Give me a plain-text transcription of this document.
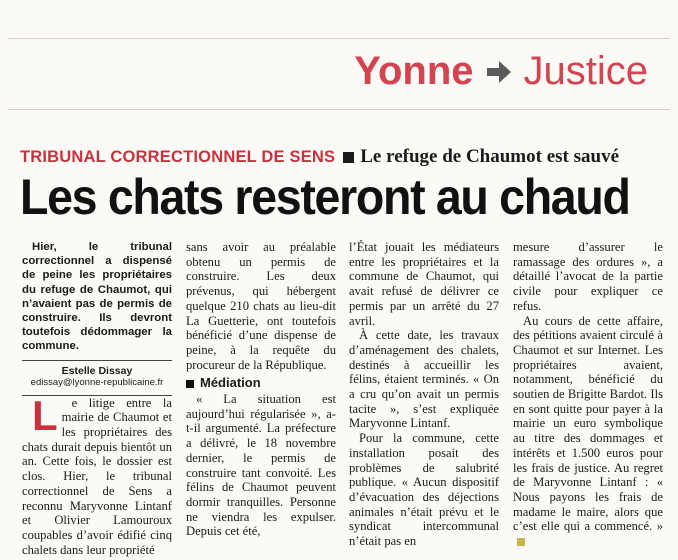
Yonne Justice
TRIBUNAL CORRECTIONNEL DE SENS Le refuge de Chaumot est sauvé
Les chats resteront au chaud

Hier, le tribunal correctionnel a dispensé de peine les propriétaires du refuge de Chaumot, qui n’avaient pas de permis de construire. Ils devront toutefois dédommager la commune.

Estelle Dissay
edissay@lyonne-republicaine.fr

L e litige entre la mairie de Chaumot et les propriétaires des chats durait depuis bientôt un an. Cette fois, le dossier est clos. Hier, le tribunal correctionnel de Sens a reconnu Maryvonne Lintanf et Olivier Lamouroux coupables d’avoir édifié cinq chalets dans leur propriété

sans avoir au préalable obtenu un permis de construire. Les deux prévenus, qui hébergent quelque 210 chats au lieu-dit La Guetterie, ont toutefois bénéficié d’une dispense de peine, à la requête du procureur de la République.

Médiation

« La situation est aujourd’hui régularisée », a-t-il argumenté. La préfecture a délivré, le 18 novembre dernier, le permis de construire tant convoité. Les félins de Chaumot peuvent dormir tranquilles. Personne ne viendra les expulser. Depuis cet été,

l’État jouait les médiateurs entre les propriétaires et la commune de Chaumot, qui avait refusé de délivrer ce permis par un arrêté du 27 avril.

À cette date, les travaux d’aménagement des chalets, destinés à accueillir les félins, étaient terminés. « On a cru qu’on avait un permis tacite », s’est expliquée Maryvonne Lintanf.

Pour la commune, cette installation posait des problèmes de salubrité publique. « Aucun dispositif d’évacuation des déjections animales n’était prévu et le syndicat intercommunal n’était pas en

mesure d’assurer le ramassage des ordures », a détaillé l’avocat de la partie civile pour expliquer ce refus.

Au cours de cette affaire, des pétitions avaient circulé à Chaumot et sur Internet. Les propriétaires avaient, notamment, bénéficié du soutien de Brigitte Bardot. Ils en sont quitte pour payer à la mairie un euro symbolique au titre des dommages et intérêts et 1.500 euros pour les frais de justice. Au regret de Maryvonne Lintanf : « Nous payons les frais de madame le maire, alors que c’est elle qui a commencé. »
